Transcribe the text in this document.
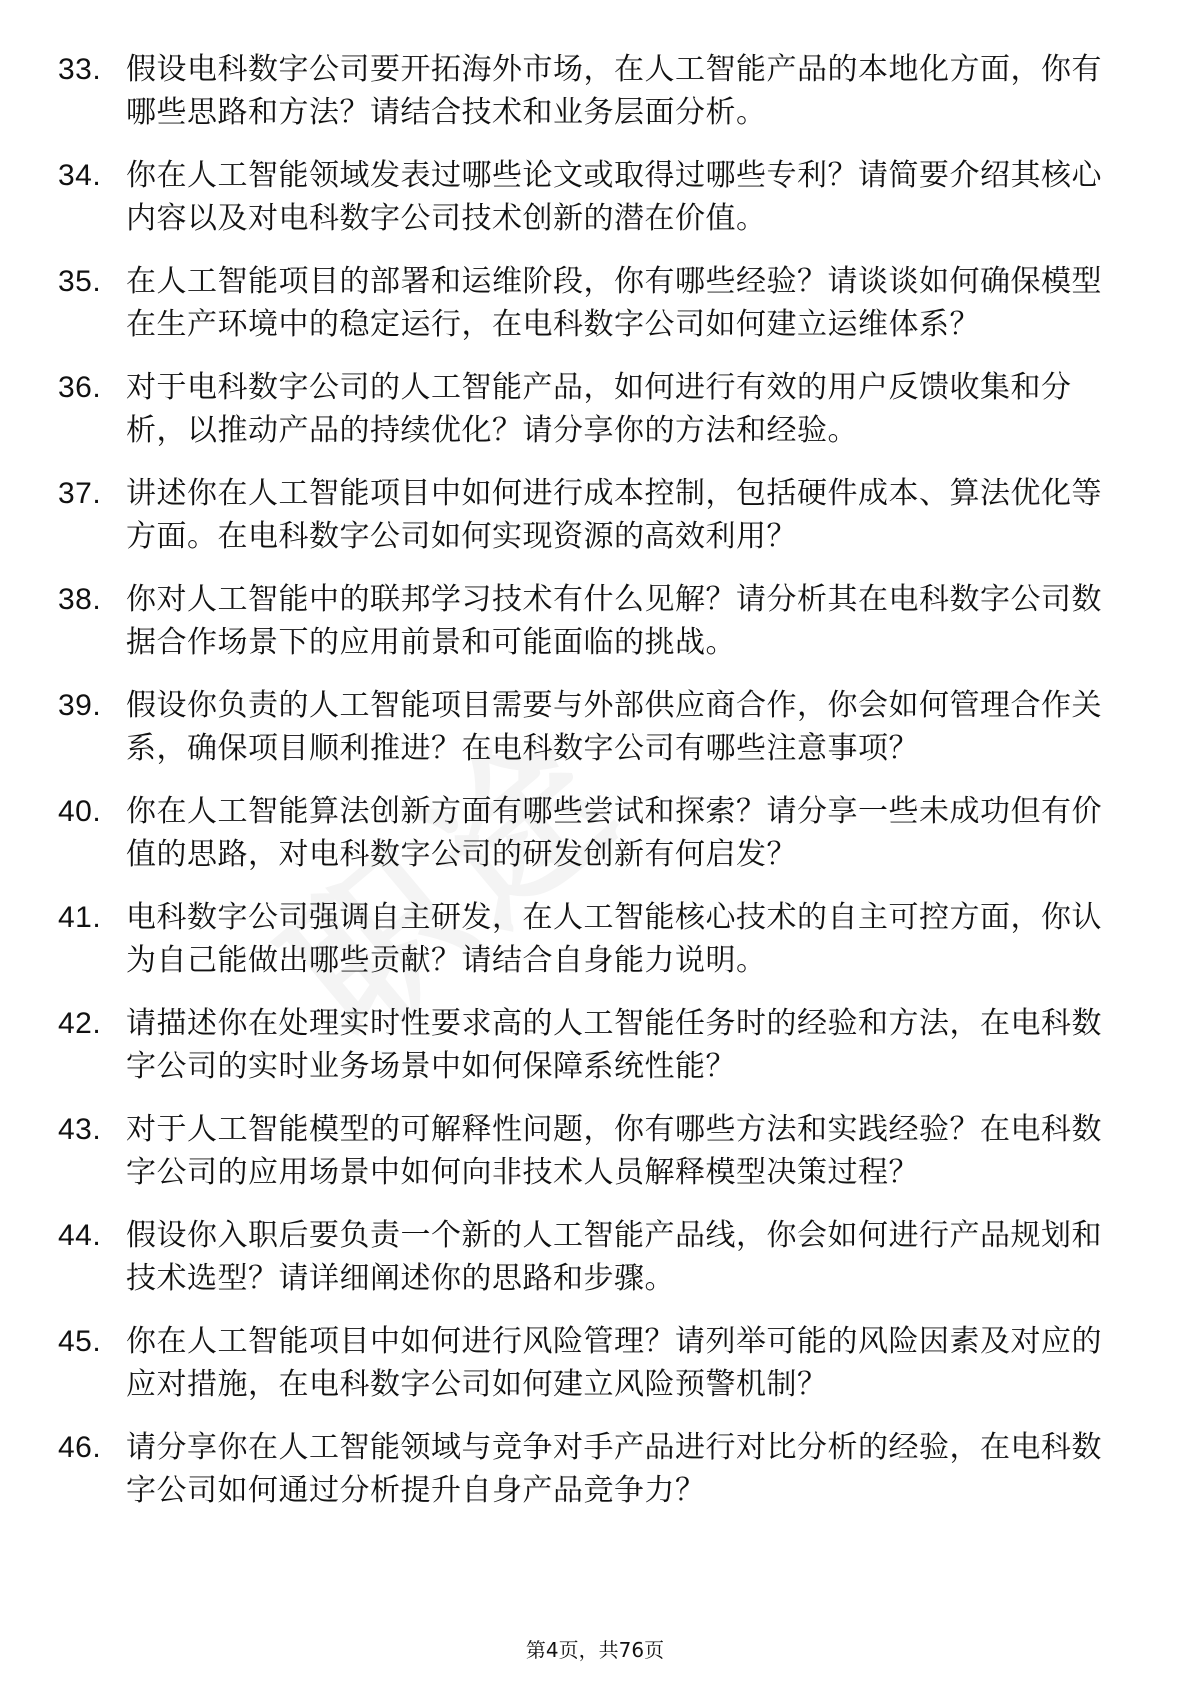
33. 假设电科数字公司要开拓海外市场，在人工智能产品的本地化方面，你有哪些思路和方法？请结合技术和业务层面分析。
34. 你在人工智能领域发表过哪些论文或取得过哪些专利？请简要介绍其核心内容以及对电科数字公司技术创新的潜在价值。
35. 在人工智能项目的部署和运维阶段，你有哪些经验？请谈谈如何确保模型在生产环境中的稳定运行，在电科数字公司如何建立运维体系？
36. 对于电科数字公司的人工智能产品，如何进行有效的用户反馈收集和分析，以推动产品的持续优化？请分享你的方法和经验。
37. 讲述你在人工智能项目中如何进行成本控制，包括硬件成本、算法优化等方面。在电科数字公司如何实现资源的高效利用？
38. 你对人工智能中的联邦学习技术有什么见解？请分析其在电科数字公司数据合作场景下的应用前景和可能面临的挑战。
39. 假设你负责的人工智能项目需要与外部供应商合作，你会如何管理合作关系，确保项目顺利推进？在电科数字公司有哪些注意事项？
40. 你在人工智能算法创新方面有哪些尝试和探索？请分享一些未成功但有价值的思路，对电科数字公司的研发创新有何启发？
41. 电科数字公司强调自主研发，在人工智能核心技术的自主可控方面，你认为自己能做出哪些贡献？请结合自身能力说明。
42. 请描述你在处理实时性要求高的人工智能任务时的经验和方法，在电科数字公司的实时业务场景中如何保障系统性能？
43. 对于人工智能模型的可解释性问题，你有哪些方法和实践经验？在电科数字公司的应用场景中如何向非技术人员解释模型决策过程？
44. 假设你入职后要负责一个新的人工智能产品线，你会如何进行产品规划和技术选型？请详细阐述你的思路和步骤。
45. 你在人工智能项目中如何进行风险管理？请列举可能的风险因素及对应的应对措施，在电科数字公司如何建立风险预警机制？
46. 请分享你在人工智能领域与竞争对手产品进行对比分析的经验，在电科数字公司如何通过分析提升自身产品竞争力？
第4页，共76页
